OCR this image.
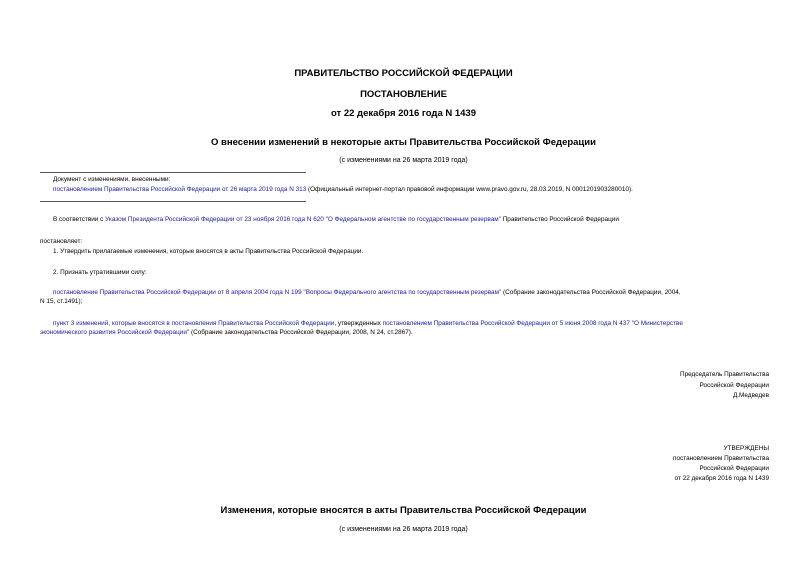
ПРАВИТЕЛЬСТВО РОССИЙСКОЙ ФЕДЕРАЦИИ
ПОСТАНОВЛЕНИЕ
от 22 декабря 2016 года N 1439
О внесении изменений в некоторые акты Правительства Российской Федерации
(с изменениями на 26 марта 2019 года)
Документ с изменениями, внесенными:
постановлением Правительства Российской Федерации от 26 марта 2019 года N 313 (Официальный интернет-портал правовой информации www.pravo.gov.ru, 28.03.2019, N 0001201903280010).
В соответствии с Указом Президента Российской Федерации от 23 ноября 2016 года N 620 "О Федеральном агентстве по государственным резервам" Правительство Российской Федерации
постановляет:
1. Утвердить прилагаемые изменения, которые вносятся в акты Правительства Российской Федерации.
2. Признать утратившими силу:
постановление Правительства Российской Федерации от 8 апреля 2004 года N 199 "Вопросы Федерального агентства по государственным резервам" (Собрание законодательства Российской Федерации, 2004,
N 15, ст.1491);
пункт 3 изменений, которые вносятся в постановления Правительства Российской Федерации, утвержденных постановлением Правительства Российской Федерации от 5 июня 2008 года N 437 "О Министерстве
экономического развития Российской Федерации" (Собрание законодательства Российской Федерации, 2008, N 24, ст.2867).
Председатель Правительства
Российской Федерации
Д.Медведев
УТВЕРЖДЕНЫ
постановлением Правительства
Российской Федерации
от 22 декабря 2016 года N 1439
Изменения, которые вносятся в акты Правительства Российской Федерации
(с изменениями на 26 марта 2019 года)
